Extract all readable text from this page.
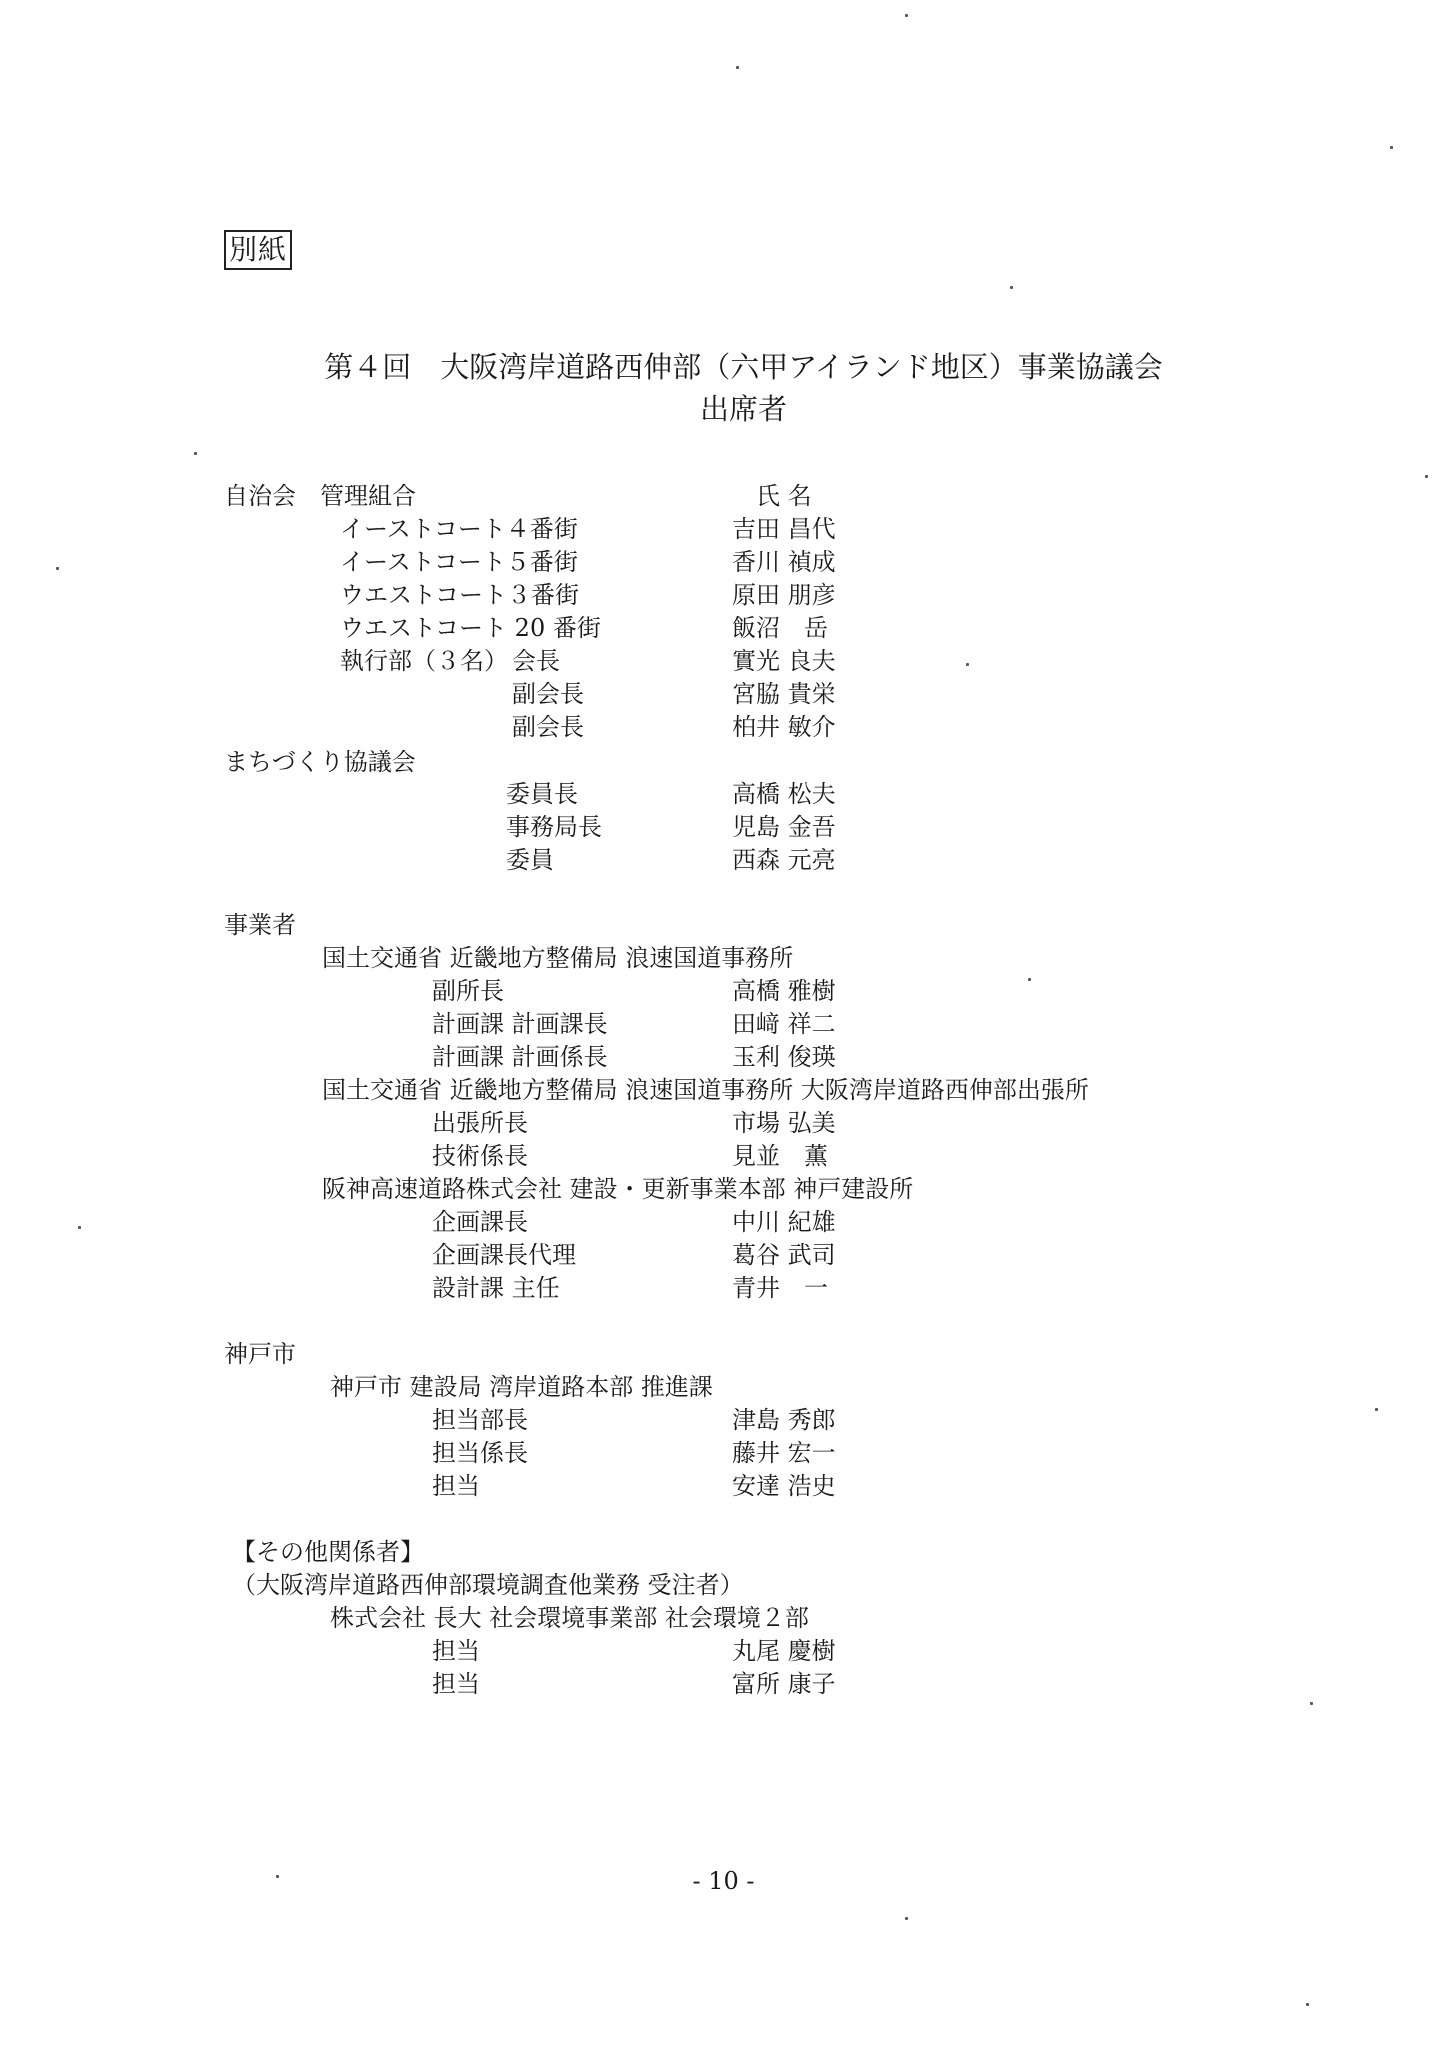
別紙
第４回　大阪湾岸道路西伸部（六甲アイランド地区）事業協議会
出席者
自治会　管理組合	氏 名
イーストコート４番街	吉田 昌代
イーストコート５番街	香川 禎成
ウエストコート３番街	原田 朋彦
ウエストコート 20 番街	飯沼　岳
執行部（３名） 会長	實光 良夫
副会長	宮脇 貴栄
副会長	柏井 敏介
まちづくり協議会
委員長	高橋 松夫
事務局長	児島 金吾
委員	西森 元亮
事業者
国土交通省 近畿地方整備局 浪速国道事務所
副所長	高橋 雅樹
計画課 計画課長	田﨑 祥二
計画課 計画係長	玉利 俊瑛
国土交通省 近畿地方整備局 浪速国道事務所 大阪湾岸道路西伸部出張所
出張所長	市場 弘美
技術係長	見並　薫
阪神高速道路株式会社 建設・更新事業本部 神戸建設所
企画課長	中川 紀雄
企画課長代理	葛谷 武司
設計課 主任	青井　一
神戸市
神戸市 建設局 湾岸道路本部 推進課
担当部長	津島 秀郎
担当係長	藤井 宏一
担当	安達 浩史
【その他関係者】
（大阪湾岸道路西伸部環境調査他業務 受注者）
株式会社 長大 社会環境事業部 社会環境２部
担当	丸尾 慶樹
担当	富所 康子
- 10 -
